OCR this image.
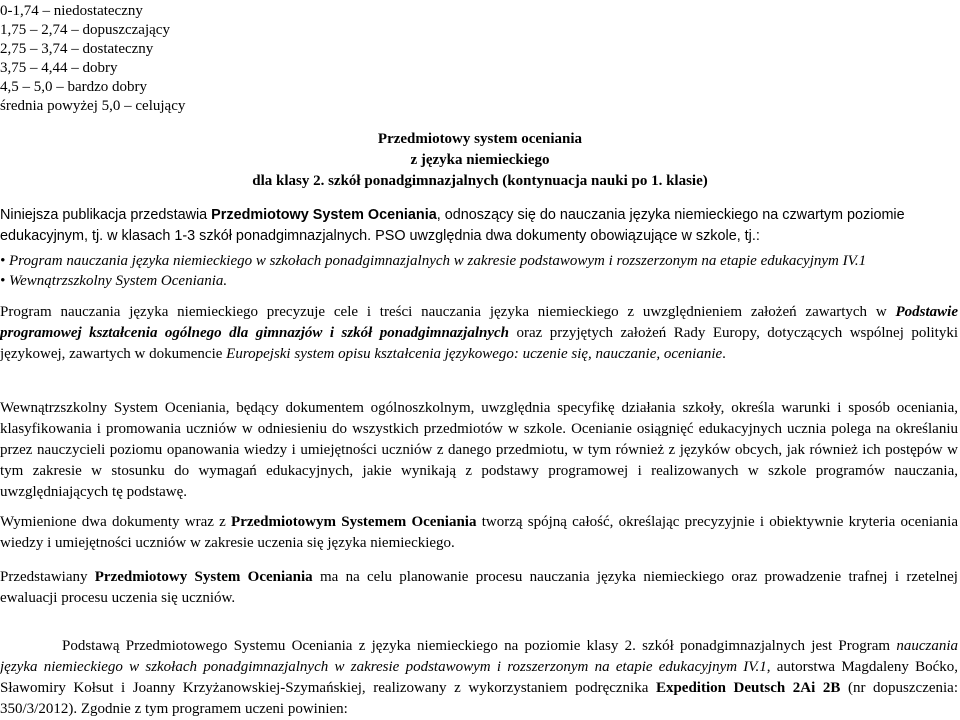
0-1,74 – niedostateczny
1,75 – 2,74 – dopuszczający
2,75 – 3,74 – dostateczny
3,75 – 4,44 – dobry
4,5 – 5,0 – bardzo dobry
średnia powyżej 5,0 – celujący
Przedmiotowy system oceniania
z języka niemieckiego
dla klasy 2. szkół ponadgimnazjalnych (kontynuacja nauki po 1. klasie)

Niniejsza publikacja przedstawia Przedmiotowy System Oceniania, odnoszący się do nauczania języka niemieckiego na czwartym poziomie edukacyjnym, tj. w klasach 1-3 szkół ponadgimnazjalnych. PSO uwzględnia dwa dokumenty obowiązujące w szkole, tj.:

• Program nauczania języka niemieckiego w szkołach ponadgimnazjalnych w zakresie podstawowym i rozszerzonym na etapie edukacyjnym IV.1
• Wewnątrzszkolny System Oceniania.

Program nauczania języka niemieckiego precyzuje cele i treści nauczania języka niemieckiego z uwzględnieniem założeń zawartych w Podstawie programowej kształcenia ogólnego dla gimnazjów i szkół ponadgimnazjalnych oraz przyjętych założeń Rady Europy, dotyczących wspólnej polityki językowej, zawartych w dokumencie Europejski system opisu kształcenia językowego: uczenie się, nauczanie, ocenianie.

Wewnątrzszkolny System Oceniania, będący dokumentem ogólnoszkolnym, uwzględnia specyfikę działania szkoły, określa warunki i sposób oceniania, klasyfikowania i promowania uczniów w odniesieniu do wszystkich przedmiotów w szkole. Ocenianie osiągnięć edukacyjnych ucznia polega na określaniu przez nauczycieli poziomu opanowania wiedzy i umiejętności uczniów z danego przedmiotu, w tym również z języków obcych, jak również ich postępów w tym zakresie w stosunku do wymagań edukacyjnych, jakie wynikają z podstawy programowej i realizowanych w szkole programów nauczania, uwzględniających tę podstawę.

Wymienione dwa dokumenty wraz z Przedmiotowym Systemem Oceniania tworzą spójną całość, określając precyzyjnie i obiektywnie kryteria oceniania wiedzy i umiejętności uczniów w zakresie uczenia się języka niemieckiego.

Przedstawiany Przedmiotowy System Oceniania ma na celu planowanie procesu nauczania języka niemieckiego oraz prowadzenie trafnej i rzetelnej ewaluacji procesu uczenia się uczniów.

Podstawą Przedmiotowego Systemu Oceniania z języka niemieckiego na poziomie klasy 2. szkół ponadgimnazjalnych jest Program nauczania języka niemieckiego w szkołach ponadgimnazjalnych w zakresie podstawowym i rozszerzonym na etapie edukacyjnym IV.1, autorstwa Magdaleny Boćko, Sławomiry Kołsut i Joanny Krzyżanowskiej-Szymańskiej, realizowany z wykorzystaniem podręcznika Expedition Deutsch 2Ai 2B (nr dopuszczenia: 350/3/2012). Zgodnie z tym programem uczeni powinien:
